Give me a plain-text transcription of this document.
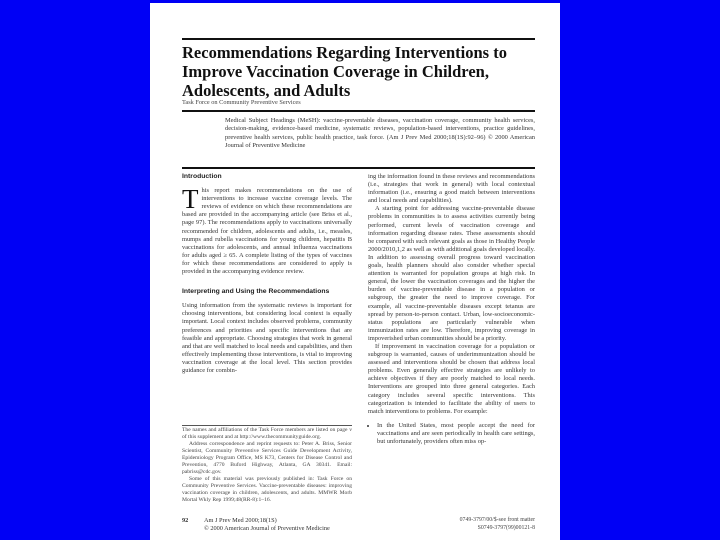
Recommendations Regarding Interventions to Improve Vaccination Coverage in Children, Adolescents, and Adults
Task Force on Community Preventive Services
Medical Subject Headings (MeSH): vaccine-preventable diseases, vaccination coverage, community health services, decision-making, evidence-based medicine, systematic reviews, population-based interventions, practice guidelines, preventive health services, public health practice, task force. (Am J Prev Med 2000;18(1S):92–96) © 2000 American Journal of Preventive Medicine
Introduction

This report makes recommendations on the use of interventions to increase vaccine coverage levels. The reviews of evidence on which these recommendations are based are provided in the accompanying article (see Briss et al., page 97). The recommendations apply to vaccinations universally recommended for children, adolescents and adults, i.e., measles, mumps and rubella vaccinations for young children, hepatitis B vaccinations for adolescents, and annual influenza vaccinations for adults aged ≥ 65. A complete listing of the types of vaccines for which these recommendations are considered to apply is provided in the accompanying evidence review.

Interpreting and Using the Recommendations

Using information from the systematic reviews is important for choosing interventions, but considering local context is equally important. Local context includes observed problems, community preferences and priorities and specific interventions that are feasible and appropriate. Choosing strategies that work in general and that are well matched to local needs and capabilities, and then effectively implementing those interventions, is vital to improving vaccination coverage at the local level. This section provides guidance for combin-

ing the information found in these reviews and recommendations (i.e., strategies that work in general) with local contextual information (i.e., ensuring a good match between interventions and local needs and capabilities).

A starting point for addressing vaccine-preventable disease problems in communities is to assess activities currently being performed, current levels of vaccination coverage and information regarding disease rates. These assessments should be compared with such relevant goals as those in Healthy People 2000/2010,1,2 as well as with additional goals developed locally. In addition to assessing overall progress toward vaccination goals, health planners should also consider whether special attention is warranted for population groups at high risk. In general, the lower the vaccination coverages and the higher the burden of vaccine-preventable disease in a population or subgroup, the greater the need to improve coverage. For example, all vaccine-preventable diseases except tetanus are spread by person-to-person contact. Urban, low-socioeconomic-status populations are particularly vulnerable when immunization rates are low. Therefore, improving coverage in impoverished urban communities should be a priority.

If improvement in vaccination coverage for a population or subgroup is warranted, causes of underimmunization should be assessed and interventions should be chosen that address local problems. Even generally effective strategies are unlikely to achieve objectives if they are poorly matched to local needs. Interventions are grouped into three general categories. Each category includes several specific interventions. This categorization is intended to facilitate the ability of users to match interventions to problems. For example:

• In the United States, most people accept the need for vaccinations and are seen periodically in health care settings, but unfortunately, providers often miss op-

The names and affiliations of the Task Force members are listed on page v of this supplement and at http://www.thecommunityguide.org.

Address correspondence and reprint requests to: Peter A. Briss, Senior Scientist, Community Preventive Services Guide Development Activity, Epidemiology Program Office, MS K73, Centers for Disease Control and Prevention, 4770 Buford Highway, Atlanta, GA 30341. Email: pabriss@cdc.gov.

Some of this material was previously published in: Task Force on Community Preventive Services. Vaccine-preventable diseases: improving vaccination coverage in children, adolescents, and adults. MMWR Morb Mortal Wkly Rep 1999;48(RR-8):1–16.

92 Am J Prev Med 2000;18(1S)
© 2000 American Journal of Preventive Medicine
0749-3797/00/$-see front matter
S0749-3797(99)00121-8
